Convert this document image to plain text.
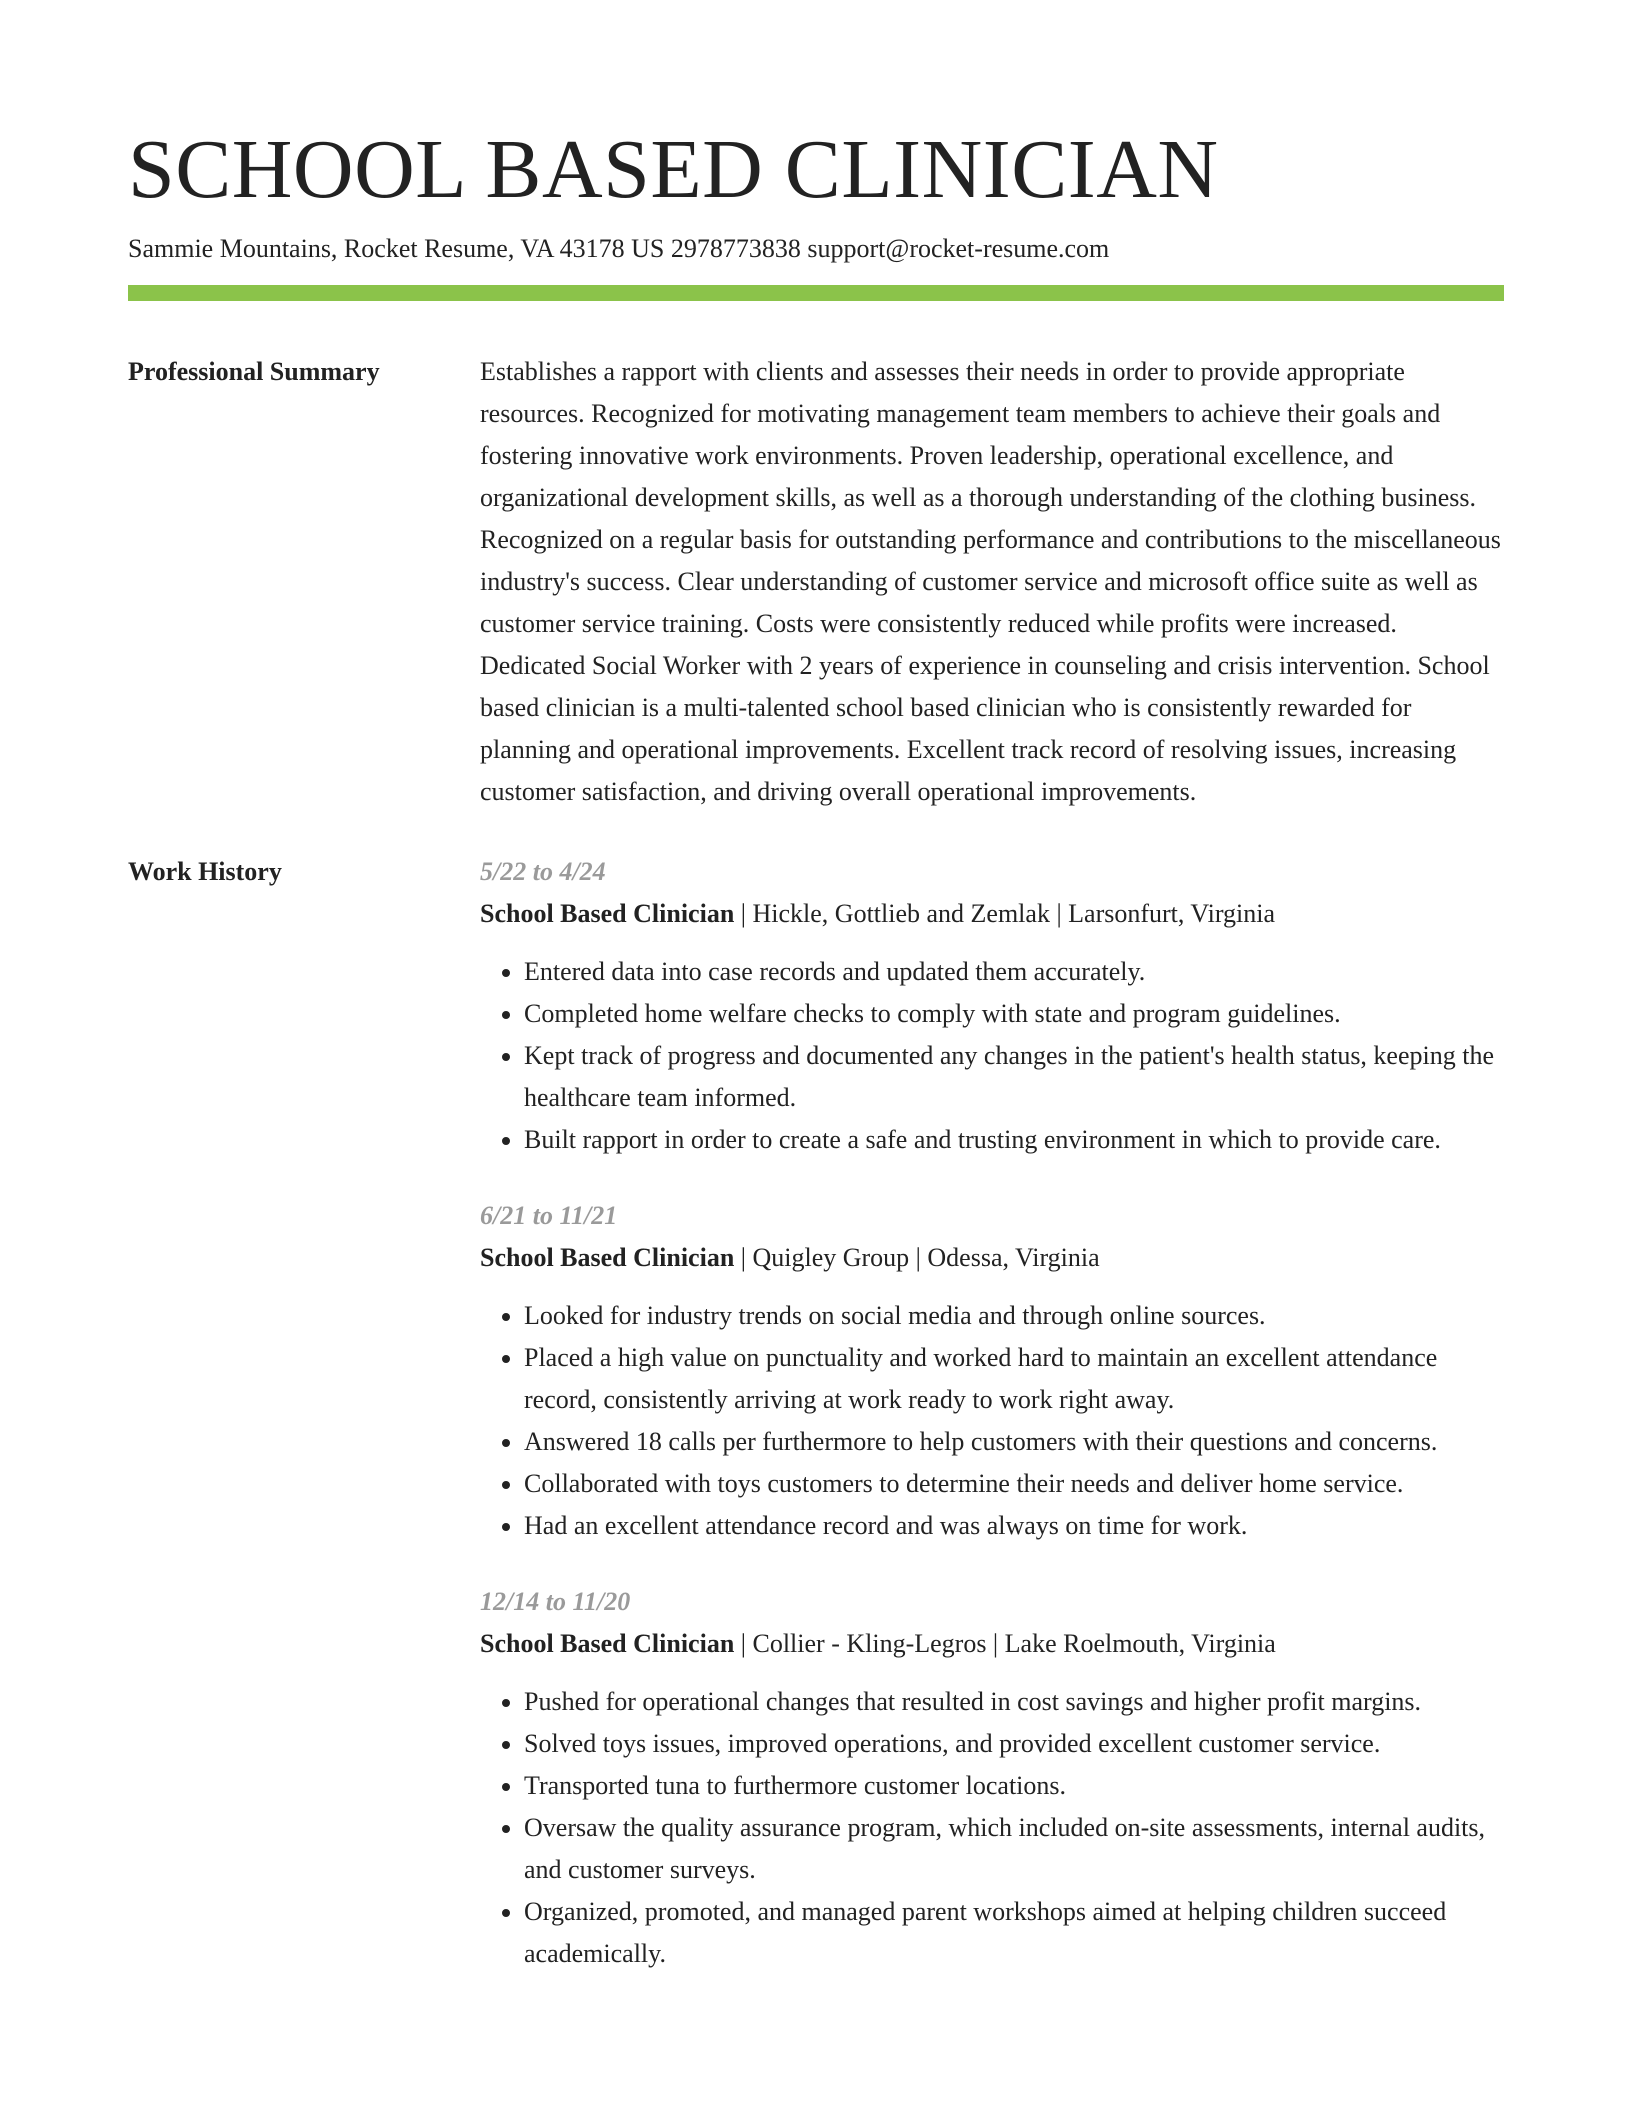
SCHOOL BASED CLINICIAN
Sammie Mountains, Rocket Resume, VA 43178 US 2978773838 support@rocket-resume.com
Professional Summary	Establishes a rapport with clients and assesses their needs in order to provide appropriate resources. Recognized for motivating management team members to achieve their goals and fostering innovative work environments. Proven leadership, operational excellence, and organizational development skills, as well as a thorough understanding of the clothing business. Recognized on a regular basis for outstanding performance and contributions to the miscellaneous industry's success. Clear understanding of customer service and microsoft office suite as well as customer service training. Costs were consistently reduced while profits were increased. Dedicated Social Worker with 2 years of experience in counseling and crisis intervention. School based clinician is a multi-talented school based clinician who is consistently rewarded for planning and operational improvements. Excellent track record of resolving issues, increasing customer satisfaction, and driving overall operational improvements.

Work History	5/22 to 4/24
School Based Clinician | Hickle, Gottlieb and Zemlak | Larsonfurt, Virginia
• Entered data into case records and updated them accurately.
• Completed home welfare checks to comply with state and program guidelines.
• Kept track of progress and documented any changes in the patient's health status, keeping the healthcare team informed.
• Built rapport in order to create a safe and trusting environment in which to provide care.
6/21 to 11/21
School Based Clinician | Quigley Group | Odessa, Virginia
• Looked for industry trends on social media and through online sources.
• Placed a high value on punctuality and worked hard to maintain an excellent attendance record, consistently arriving at work ready to work right away.
• Answered 18 calls per furthermore to help customers with their questions and concerns.
• Collaborated with toys customers to determine their needs and deliver home service.
• Had an excellent attendance record and was always on time for work.
12/14 to 11/20
School Based Clinician | Collier - Kling-Legros | Lake Roelmouth, Virginia
• Pushed for operational changes that resulted in cost savings and higher profit margins.
• Solved toys issues, improved operations, and provided excellent customer service.
• Transported tuna to furthermore customer locations.
• Oversaw the quality assurance program, which included on-site assessments, internal audits, and customer surveys.
• Organized, promoted, and managed parent workshops aimed at helping children succeed academically.
